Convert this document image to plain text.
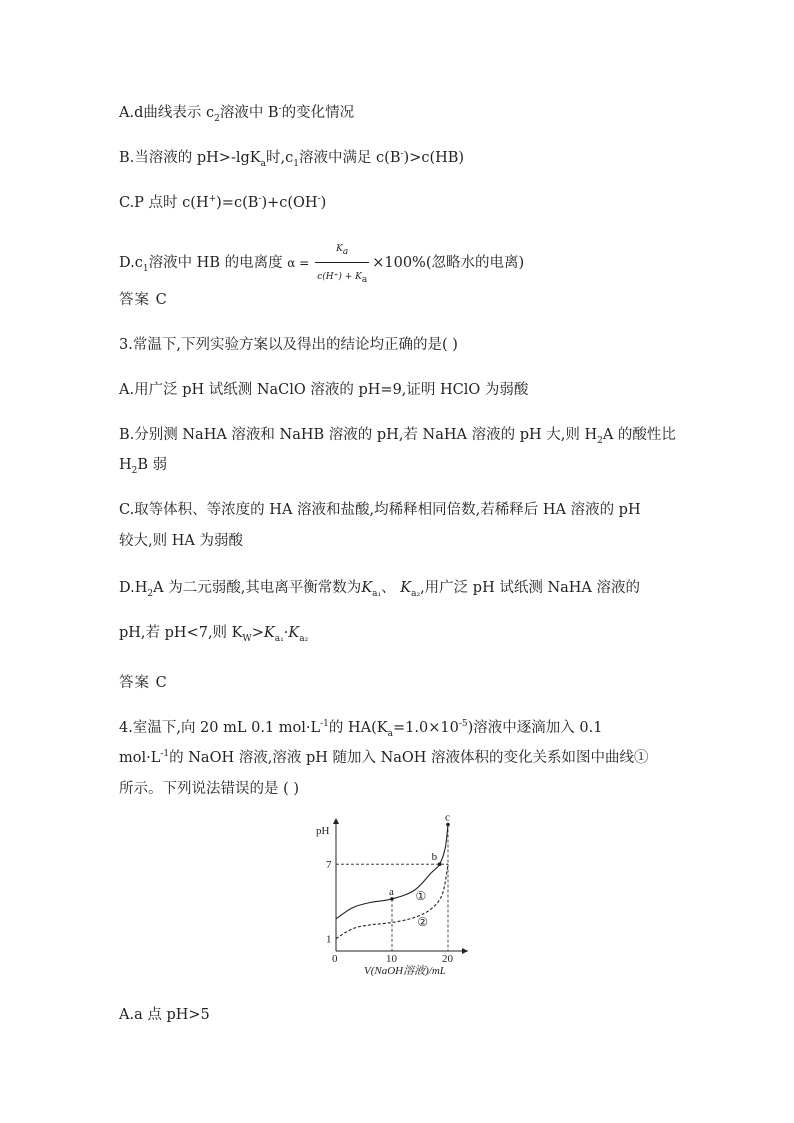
A.d曲线表示 $c_2$溶液中 B-的变化情况
B.当溶液的 pH>-lgK$_a$时$,c_1$溶液中满足 c(B-)>c(HB)
C.P 点时 c(H+)=c(B-)+c(OH-)
$D.c_1$溶液中 HB 的电离度 $\alpha = \frac{K_a}{c(H^+) + K_a} \times 100\%$(忽略水的电离)
答案 C
3.常温下,下列实验方案以及得出的结论均正确的是( )
A.用广泛 pH 试纸测 NaClO 溶液的 pH=9,证明 HClO 为弱酸
B.分别测 NaHA 溶液和 NaHB 溶液的 pH,若 NaHA 溶液的 pH 大,则 $H_2A$ 的酸性比
$H_2B$ 弱
C.取等体积、等浓度的 HA 溶液和盐酸,均稀释相同倍数,若稀释后 HA 溶液的 pH
较大,则 HA 为弱酸
$D.H_2A$ 为二元弱酸,其电离平衡常数为$K_{a_1}$、 $K_{a_2}$,用广泛 pH 试纸测 NaHA 溶液的
pH,若 pH<7,则 $K_W>K_{a_1}\cdot K_{a_2}$
答案 C
4.室温下,向 20 mL 0.1 $mol\cdot L^{-1}$的 $HA(K_a=1.0\times 10^{-5})$溶液中逐滴加入 0.1
$mol\cdot L^{-1}$的 NaOH 溶液,溶液 pH 随加入 NaOH 溶液体积的变化关系如图中曲线①
所示。下列说法错误的是 ( )
pH
V(NaOH溶液)/mL
0	10	20
1
7
①
②
a
b
c
A.a 点 pH>5
